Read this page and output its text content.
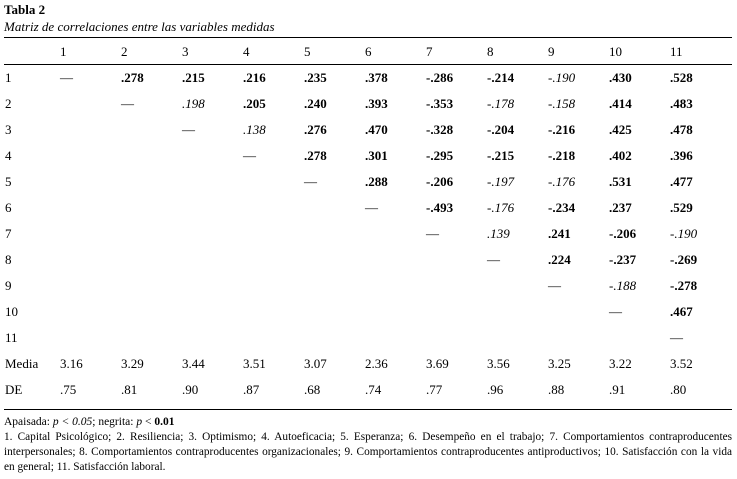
Tabla 2
Matriz de correlaciones entre las variables medidas
	1	2	3	4	5	6	7	8	9	10	11
1	—	.278	.215	.216	.235	.378	-.286	-.214	-.190	.430	.528
2		—	.198	.205	.240	.393	-.353	-.178	-.158	.414	.483
3			—	.138	.276	.470	-.328	-.204	-.216	.425	.478
4				—	.278	.301	-.295	-.215	-.218	.402	.396
5					—	.288	-.206	-.197	-.176	.531	.477
6						—	-.493	-.176	-.234	.237	.529
7							—	.139	.241	-.206	-.190
8								—	.224	-.237	-.269
9									—	-.188	-.278
10										—	.467
11											—
Media	3.16	3.29	3.44	3.51	3.07	2.36	3.69	3.56	3.25	3.22	3.52
DE	.75	.81	.90	.87	.68	.74	.77	.96	.88	.91	.80
Apaisada: p < 0.05; negrita: p < 0.01
1. Capital Psicológico; 2. Resiliencia; 3. Optimismo; 4. Autoeficacia; 5. Esperanza; 6. Desempeño en el trabajo; 7. Comportamientos contraproducentes interpersonales; 8. Comportamientos contraproducentes organizacionales; 9. Comportamientos contraproducentes antiproductivos; 10. Satisfacción con la vida en general; 11. Satisfacción laboral.
